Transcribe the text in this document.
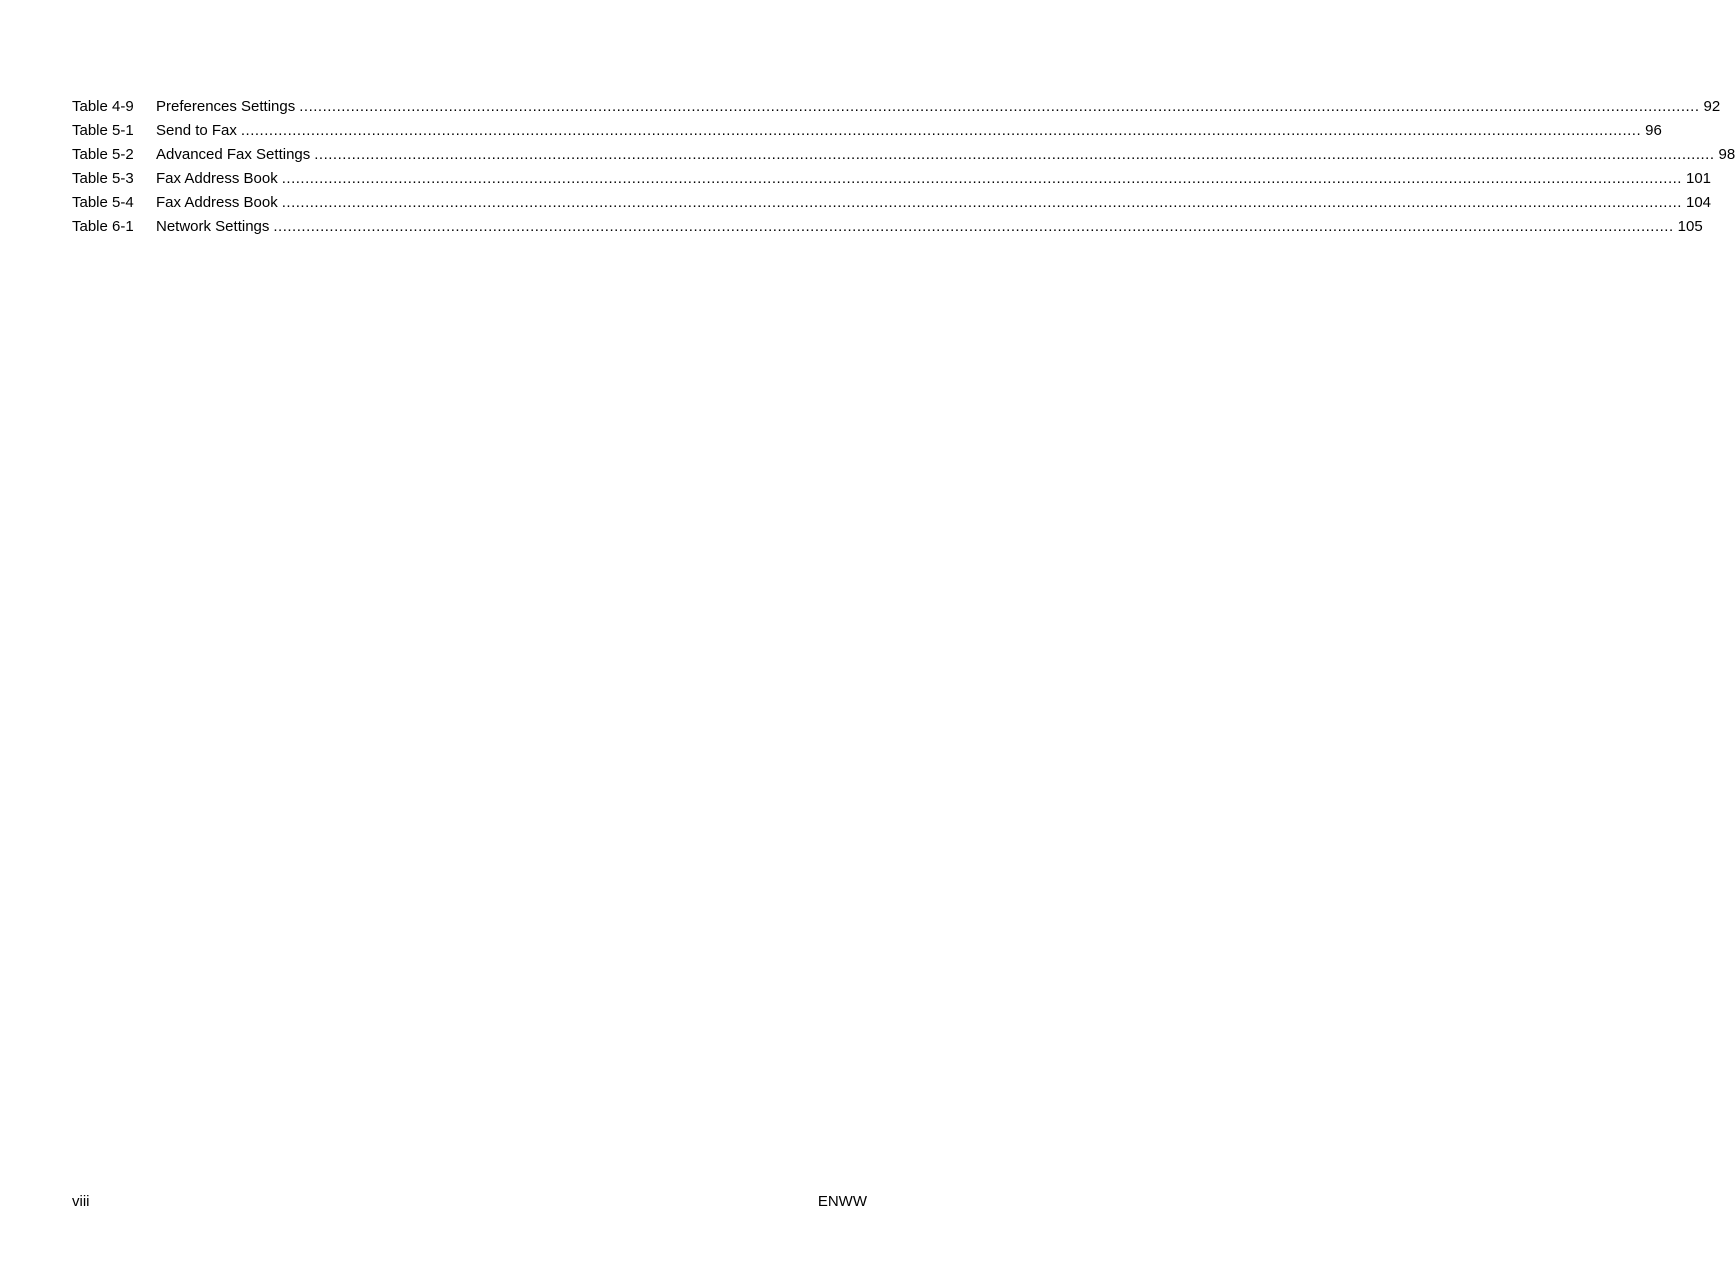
Table 4-9	Preferences Settings ............................................................................................................................................................................................................................................................................................................ 92
Table 5-1	Send to Fax ............................................................................................................................................................................................................................................................................................................ 96
Table 5-2	Advanced Fax Settings ............................................................................................................................................................................................................................................................................................................ 98
Table 5-3	Fax Address Book ............................................................................................................................................................................................................................................................................................................ 101
Table 5-4	Fax Address Book ............................................................................................................................................................................................................................................................................................................ 104
Table 6-1	Network Settings ............................................................................................................................................................................................................................................................................................................ 105
viii	ENWW
